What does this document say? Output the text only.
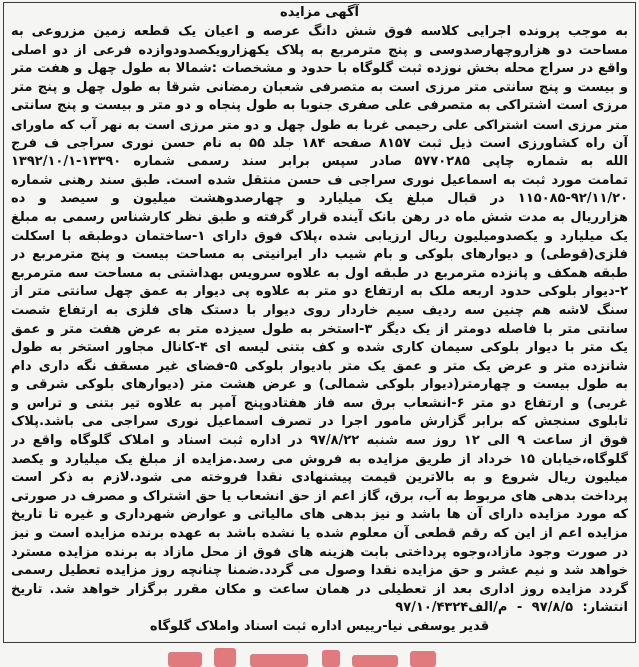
آگهی مزایده
به موجب پرونده اجرایی کلاسه فوق شش دانگ عرصه و اعیان یک قطعه زمین مزروعی به
مساحت دو هزاروچهارصدوسی و پنج مترمربع به پلاک یکهزارویکصدودوازده فرعی از دو اصلی
واقع در سراج محله بخش نوزده ثبت گلوگاه با حدود و مشخصات :شمالا به طول چهل و هفت متر
و بیست و پنج سانتی متر مرزی است به متصرفی شعبان رمضانی شرقا به طول چهل و پنج متر
مرزی است اشتراکی به متصرفی علی صفری جنوبا به طول پنجاه و دو متر و بیست و پنج سانتی
متر مرزی است اشتراکی علی رحیمی غربا به طول چهل و دو متر مرزی است به نهر آب که ماورای
آن راه کشاورزی است ذیل ثبت ۸۱۵۷ صفحه ۱۸۴ جلد ۵۵ به نام حسن نوری سراجی ف فرج
الله به شماره چاپی ۵۷۷۰۲۸۵ صادر سپس برابر سند رسمی شماره ۱۳۳۹۰-۱۳۹۲/۱۰/۱
تمامت مورد ثبت به اسماعیل نوری سراجی ف حسن منتقل شده است. طبق سند رهنی شماره
۱۱۵۰۸۵-۹۲/۱۱/۲۰ در قبال مبلغ یک میلیارد و چهارصدوهشت میلیون و سیصد و ده
هزارریال به مدت شش ماه در رهن بانک آینده قرار گرفته و طبق نظر کارشناس رسمی به مبلغ
یک میلیارد و یکصدومیلیون ریال ارزیابی شده ،پلاک فوق دارای ۱-ساختمان دوطبقه با اسکلت
فلزی(قوطی) و دیوارهای بلوکی و بام شیب دار ایرانیتی به مساحت بیست و پنج مترمربع در
طبقه همکف و پانزده مترمربع در طبقه اول به علاوه سرویس بهداشتی به مساحت سه مترمربع
۲-دیوار بلوکی حدود اربعه ملک به ارتفاع دو متر به علاوه پی دیوار به عمق چهل سانتی متر از
سنگ لاشه هم چنین سه ردیف سیم خاردار روی دیوار با دستک های فلزی به ارتفاع شصت
سانتی متر با فاصله دومتر از یک دیگر ۳-استخر به طول سیزده متر به عرض هفت متر و عمق
یک متر با دیوار بلوکی سیمان کاری شده و کف بتنی لیسه ای ۴-کانال مجاور استخر به طول
شانزده متر و عرض یک متر و عمق یک متر بادیوار بلوکی ۵-فضای غیر مسقف نگه داری دام
به طول بیست و چهارمتر(دیوار بلوکی شمالی) و عرض هشت متر (دیوارهای بلوکی شرقی و
غربی) و ارتفاع دو متر ۶-انشعاب برق سه فاز هفتادوپنج آمپر به علاوه تیر بتنی و تراس و
تابلوی سنجش که برابر گزارش مامور اجرا در تصرف اسماعیل نوری سراجی می باشد.پلاک
فوق از ساعت ۹ الی ۱۲ روز سه شنبه ۹۷/۸/۲۲ در اداره ثبت اسناد و املاک گلوگاه واقع در
گلوگاه،خیابان ۱۵ خرداد از طریق مزایده به فروش می رسد.مزایده از مبلغ یک میلیارد و یکصد
میلیون ریال شروع و به بالاترین قیمت پیشنهادی نقدا فروخته می شود.لازم به ذکر است
پرداخت بدهی های مربوط به آب، برق، گاز اعم از حق انشعاب یا حق اشتراک و مصرف در صورتی
که مورد مزایده دارای آن ها باشد و نیز بدهی های مالیاتی و عوارض شهرداری و غیره تا تاریخ
مزایده اعم از این که رقم قطعی آن معلوم شده یا نشده باشد به عهده برنده مزایده است و نیز
در صورت وجود مازاد،وجوه پرداختی بابت هزینه های فوق از محل مازاد به برنده مزایده مسترد
خواهد شد و نیم عشر و حق مزایده نقدا وصول می گردد.ضمنا چنانچه روز مزایده تعطیل رسمی
گردد مزایده روز اداری بعد از تعطیلی در همان ساعت و مکان مقرر برگزار خواهد شد. تاریخ
انتشار: ۹۷/۸/۵ - م/الف۹۷/۱۰/۴۳۲۴
قدیر یوسفی نیا-رییس اداره ثبت اسناد واملاک گلوگاه
